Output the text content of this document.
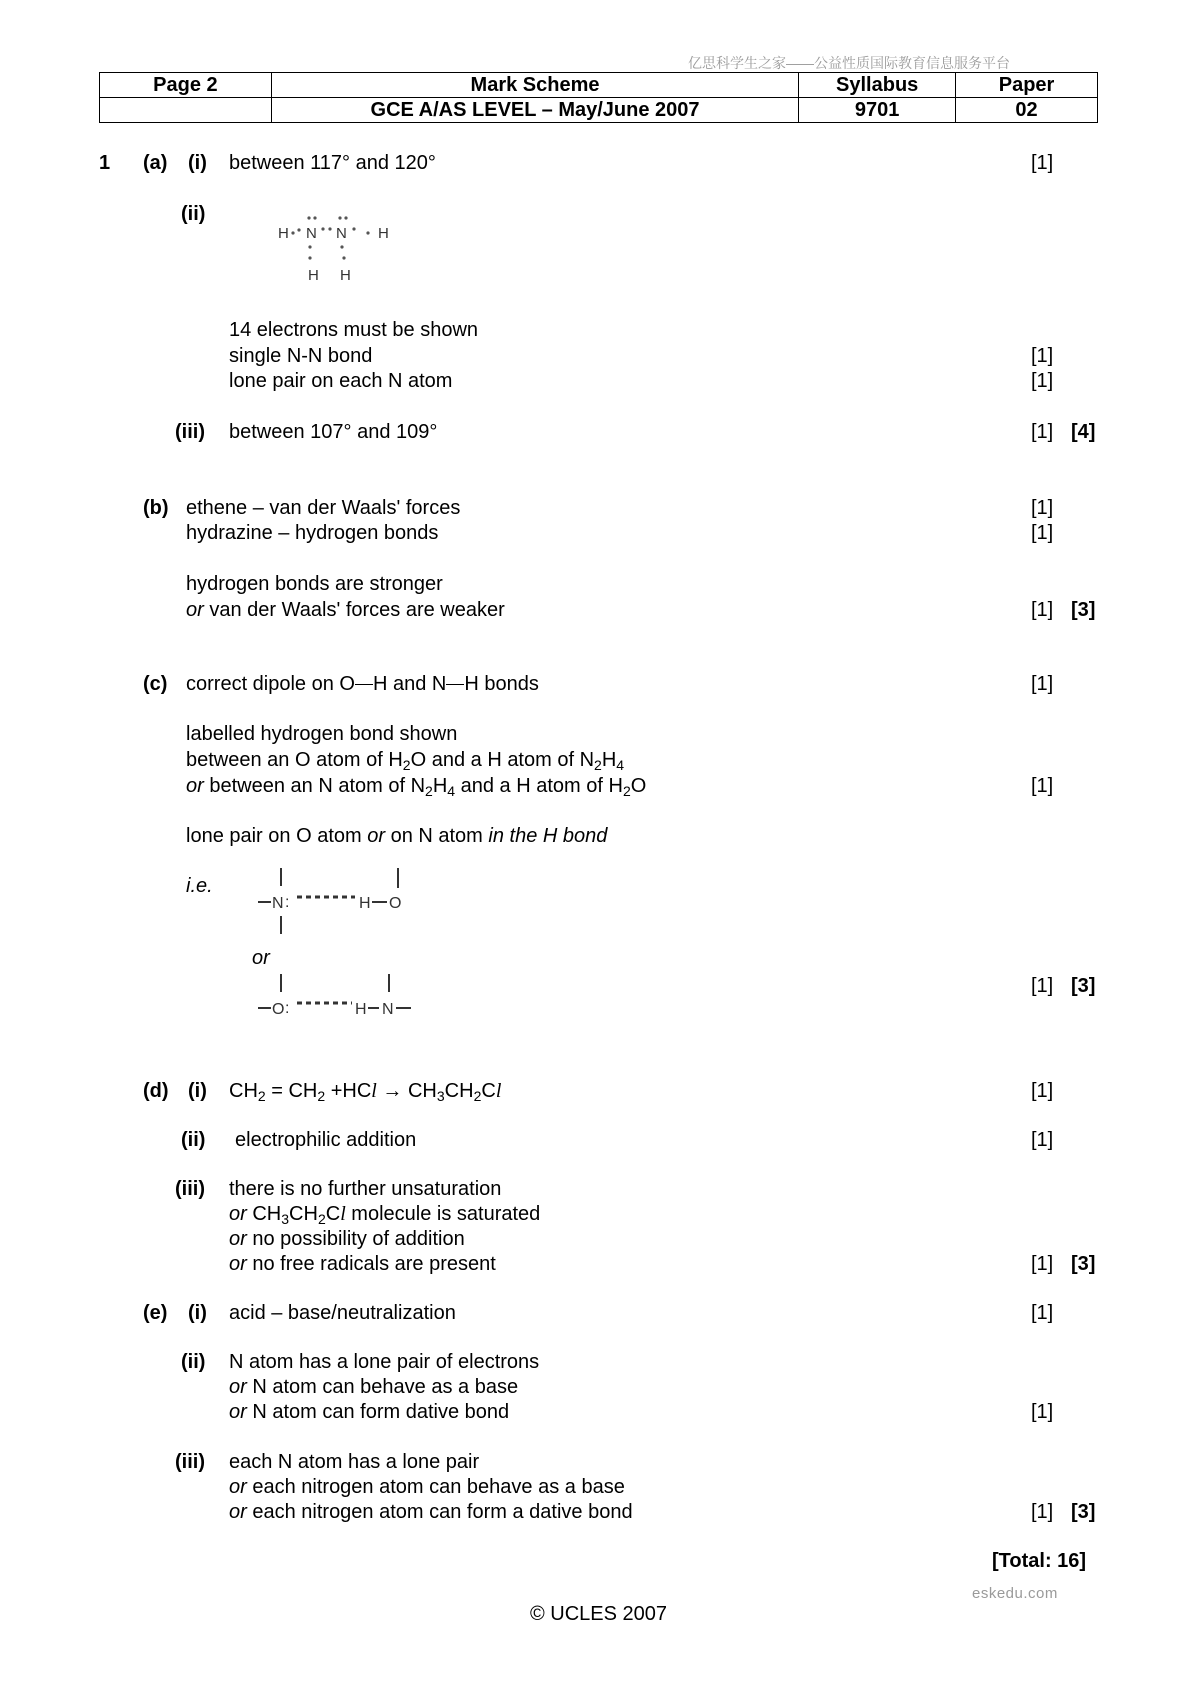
亿思科学生之家——公益性质国际教育信息服务平台
Page 2	Mark Scheme	Syllabus	Paper
	GCE A/AS LEVEL – May/June 2007	9701	02
1 (a) (i) between 117° and 120°	[1]
(ii)
H N N H
H H
14 electrons must be shown
single N-N bond	[1]
lone pair on each N atom	[1]
(iii) between 107° and 109°	[1] [4]
(b) ethene – van der Waals' forces	[1]
hydrazine – hydrogen bonds	[1]
hydrogen bonds are stronger
or van der Waals' forces are weaker	[1] [3]
(c) correct dipole on O H and N H bonds	[1]
labelled hydrogen bond shown
between an O atom of $H_2O$ and a H atom of $N_2H_4$
or between an N atom of $N_2H_4$ and a H atom of $H_2O$	[1]
lone pair on O atom or on N atom in the H bond
i.e.
N :	H O
or
O :	H N
[1] [3]
(d) (i) $CH_2 = CH_2 +HCl \to CH_3CH_2Cl$	[1]
(ii) electrophilic addition	[1]
(iii) there is no further unsaturation
or $CH_3CH_2Cl$ molecule is saturated
or no possibility of addition
or no free radicals are present	[1] [3]
(e) (i) acid – base/neutralization	[1]
(ii) N atom has a lone pair of electrons
or N atom can behave as a base
or N atom can form dative bond	[1]
(iii) each N atom has a lone pair
or each nitrogen atom can behave as a base
or each nitrogen atom can form a dative bond	[1] [3]
[Total: 16]
eskedu.com
© UCLES 2007
